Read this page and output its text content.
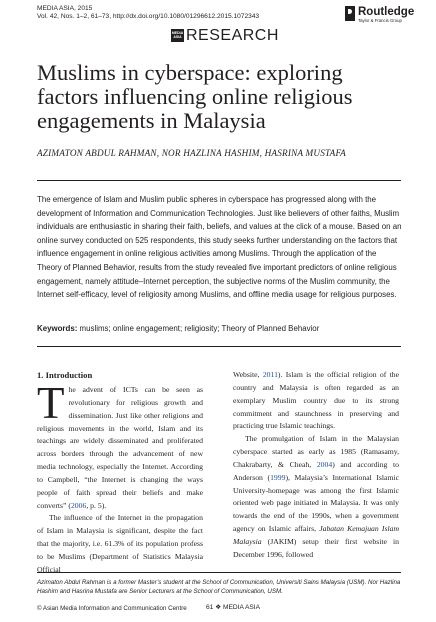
MEDIA ASIA, 2015
Vol. 42, Nos. 1–2, 61–73, http://dx.doi.org/10.1080/01296612.2015.1072343	Routledge
Taylor & Francis Group
MEDIA ASIA RESEARCH
Muslims in cyberspace: exploring factors influencing online religious engagements in Malaysia
AZIMATON ABDUL RAHMAN, NOR HAZLINA HASHIM, HASRINA MUSTAFA

The emergence of Islam and Muslim public spheres in cyberspace has progressed along with the development of Information and Communication Technologies. Just like believers of other faiths, Muslim individuals are enthusiastic in sharing their faith, beliefs, and values at the click of a mouse. Based on an online survey conducted on 525 respondents, this study seeks further understanding on the factors that influence engagement in online religious activities among Muslims. Through the application of the Theory of Planned Behavior, results from the study revealed five important predictors of online religious engagement, namely attitude–Internet perception, the subjective norms of the Muslim community, the Internet self-efficacy, level of religiosity among Muslims, and offline media usage for religious purposes.

Keywords: muslims; online engagement; religiosity; Theory of Planned Behavior
1. Introduction

The advent of ICTs can be seen as revolutionary for religious growth and dissemination. Just like other religions and religious movements in the world, Islam and its teachings are widely disseminated and proliferated across borders through the advancement of new media technology, especially the Internet. According to Campbell, “the Internet is changing the ways people of faith spread their beliefs and make converts” (2006, p. 5).

The influence of the Internet in the propagation of Islam in Malaysia is significant, despite the fact that the majority, i.e. 61.3% of its population profess to be Muslims (Department of Statistics Malaysia Official

Website, 2011). Islam is the official religion of the country and Malaysia is often regarded as an exemplary Muslim country due to its strong commitment and staunchness in preserving and practicing true Islamic teachings.

The promulgation of Islam in the Malaysian cyberspace started as early as 1985 (Ramasamy, Chakrabarty, & Cheah, 2004) and according to Anderson (1999), Malaysia’s International Islamic University-homepage was among the first Islamic oriented web page initiated in Malaysia. It was only towards the end of the 1990s, when a government agency on Islamic affairs, Jabatan Kemajuan Islam Malaysia (JAKIM) setup their first website in December 1996, followed

Azimaton Abdul Rahman is a former Master’s student at the School of Communication, Universiti Sains Malaysia (USM). Nor Hazlina Hashim and Hasrina Mustafa are Senior Lecturers at the School of Communication, USM.
© Asian Media Information and Communication Centre	61 ❖ MEDIA ASIA
